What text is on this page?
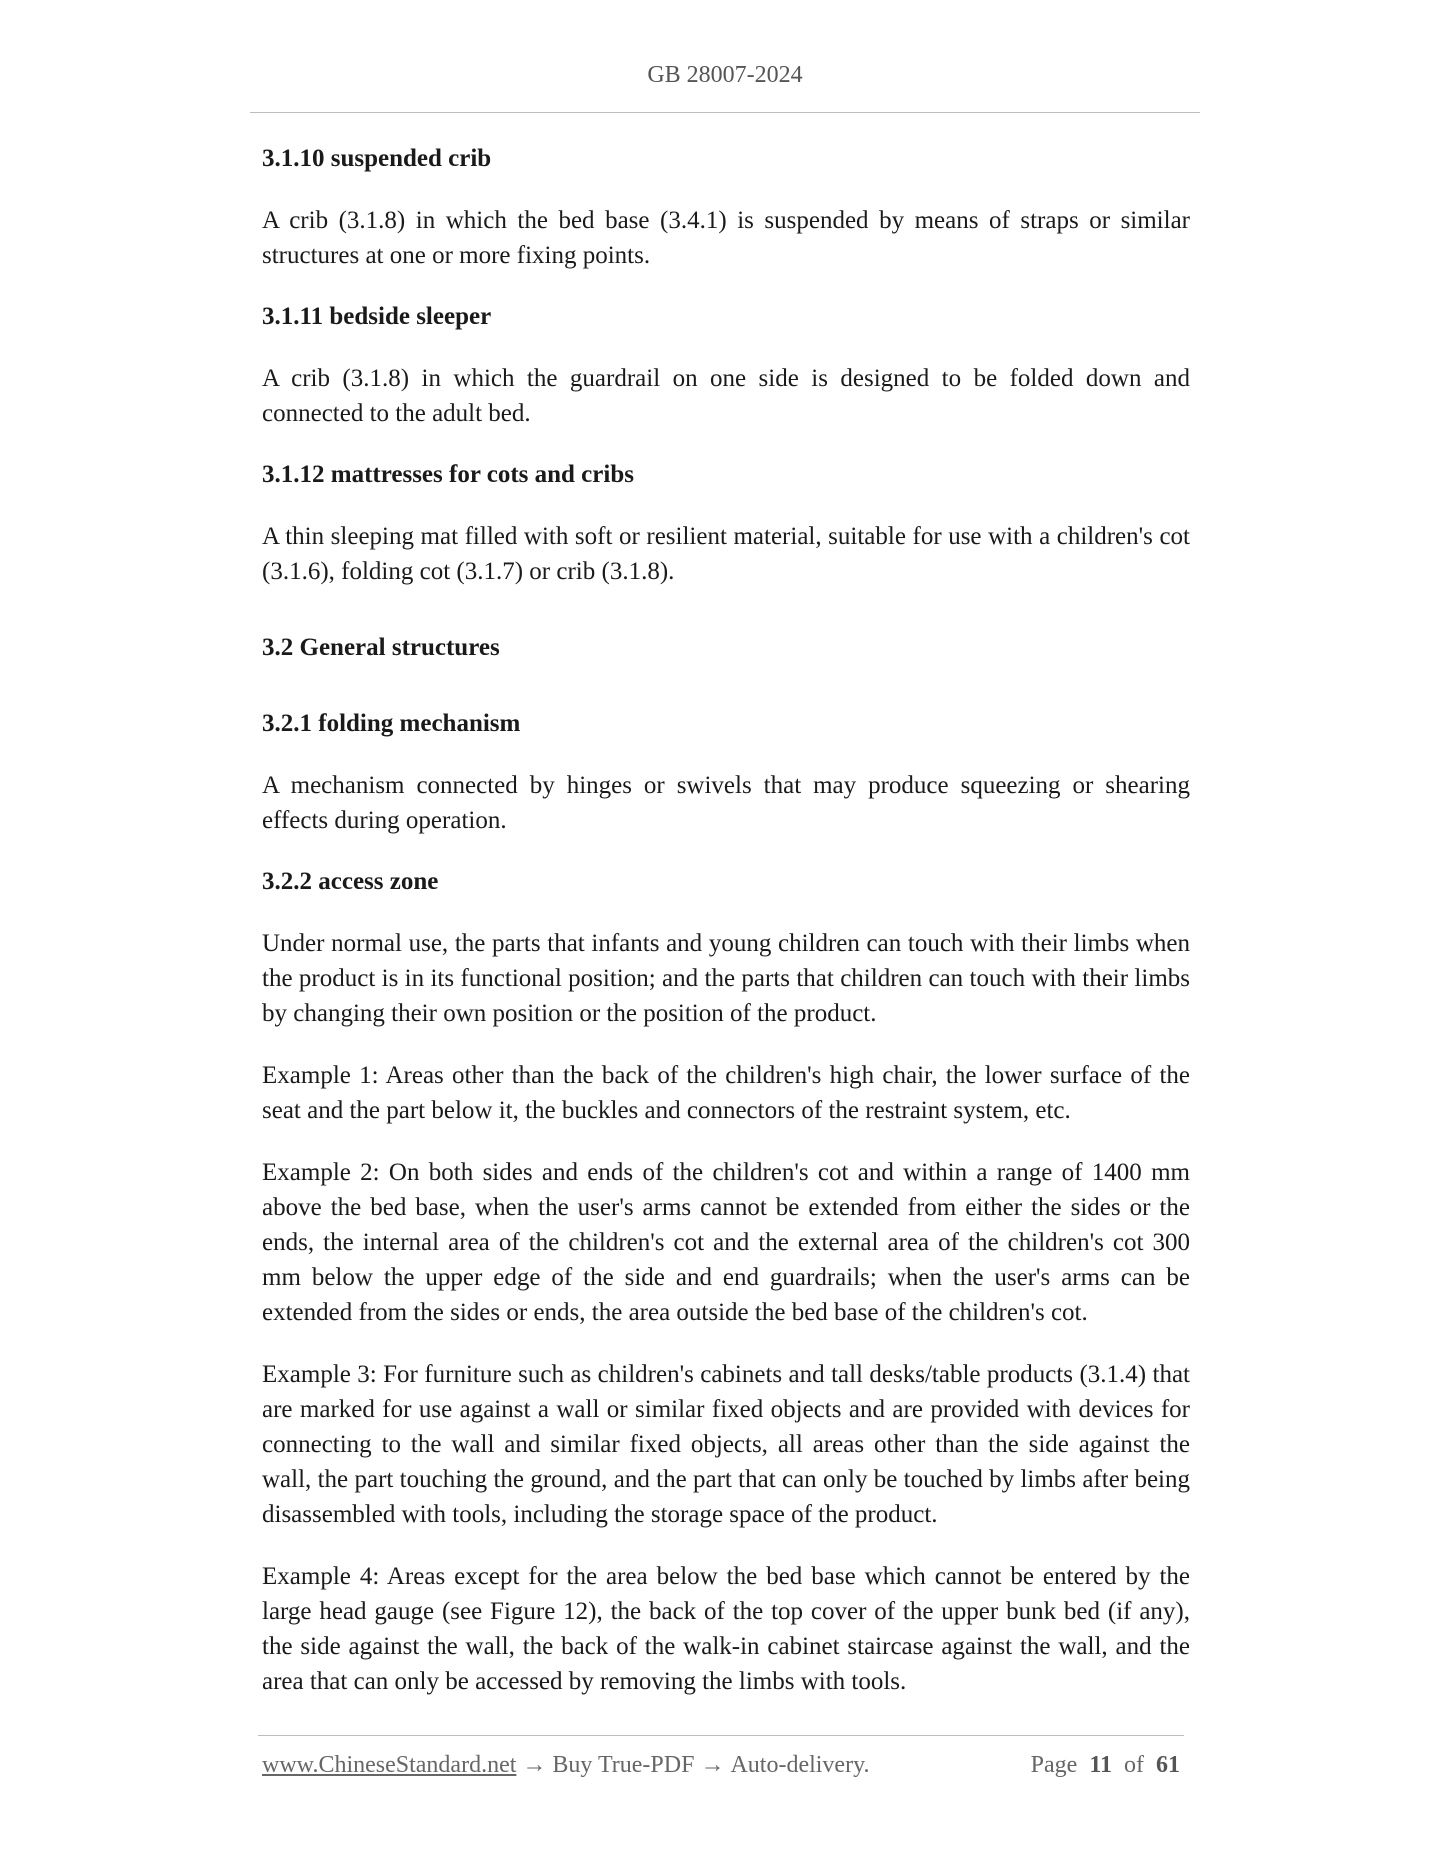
GB 28007-2024
3.1.10 suspended crib

A crib (3.1.8) in which the bed base (3.4.1) is suspended by means of straps or similar structures at one or more fixing points.

3.1.11 bedside sleeper

A crib (3.1.8) in which the guardrail on one side is designed to be folded down and connected to the adult bed.

3.1.12 mattresses for cots and cribs

A thin sleeping mat filled with soft or resilient material, suitable for use with a children's cot (3.1.6), folding cot (3.1.7) or crib (3.1.8).

3.2 General structures
3.2.1 folding mechanism

A mechanism connected by hinges or swivels that may produce squeezing or shearing effects during operation.

3.2.2 access zone

Under normal use, the parts that infants and young children can touch with their limbs when the product is in its functional position; and the parts that children can touch with their limbs by changing their own position or the position of the product.

Example 1: Areas other than the back of the children's high chair, the lower surface of the seat and the part below it, the buckles and connectors of the restraint system, etc.

Example 2: On both sides and ends of the children's cot and within a range of 1400 mm above the bed base, when the user's arms cannot be extended from either the sides or the ends, the internal area of the children's cot and the external area of the children's cot 300 mm below the upper edge of the side and end guardrails; when the user's arms can be extended from the sides or ends, the area outside the bed base of the children's cot.

Example 3: For furniture such as children's cabinets and tall desks/table products (3.1.4) that are marked for use against a wall or similar fixed objects and are provided with devices for connecting to the wall and similar fixed objects, all areas other than the side against the wall, the part touching the ground, and the part that can only be touched by limbs after being disassembled with tools, including the storage space of the product.

Example 4: Areas except for the area below the bed base which cannot be entered by the large head gauge (see Figure 12), the back of the top cover of the upper bunk bed (if any), the side against the wall, the back of the walk-in cabinet staircase against the wall, and the area that can only be accessed by removing the limbs with tools.

www.ChineseStandard.net → Buy True-PDF → Auto-delivery.	Page 11 of 61
